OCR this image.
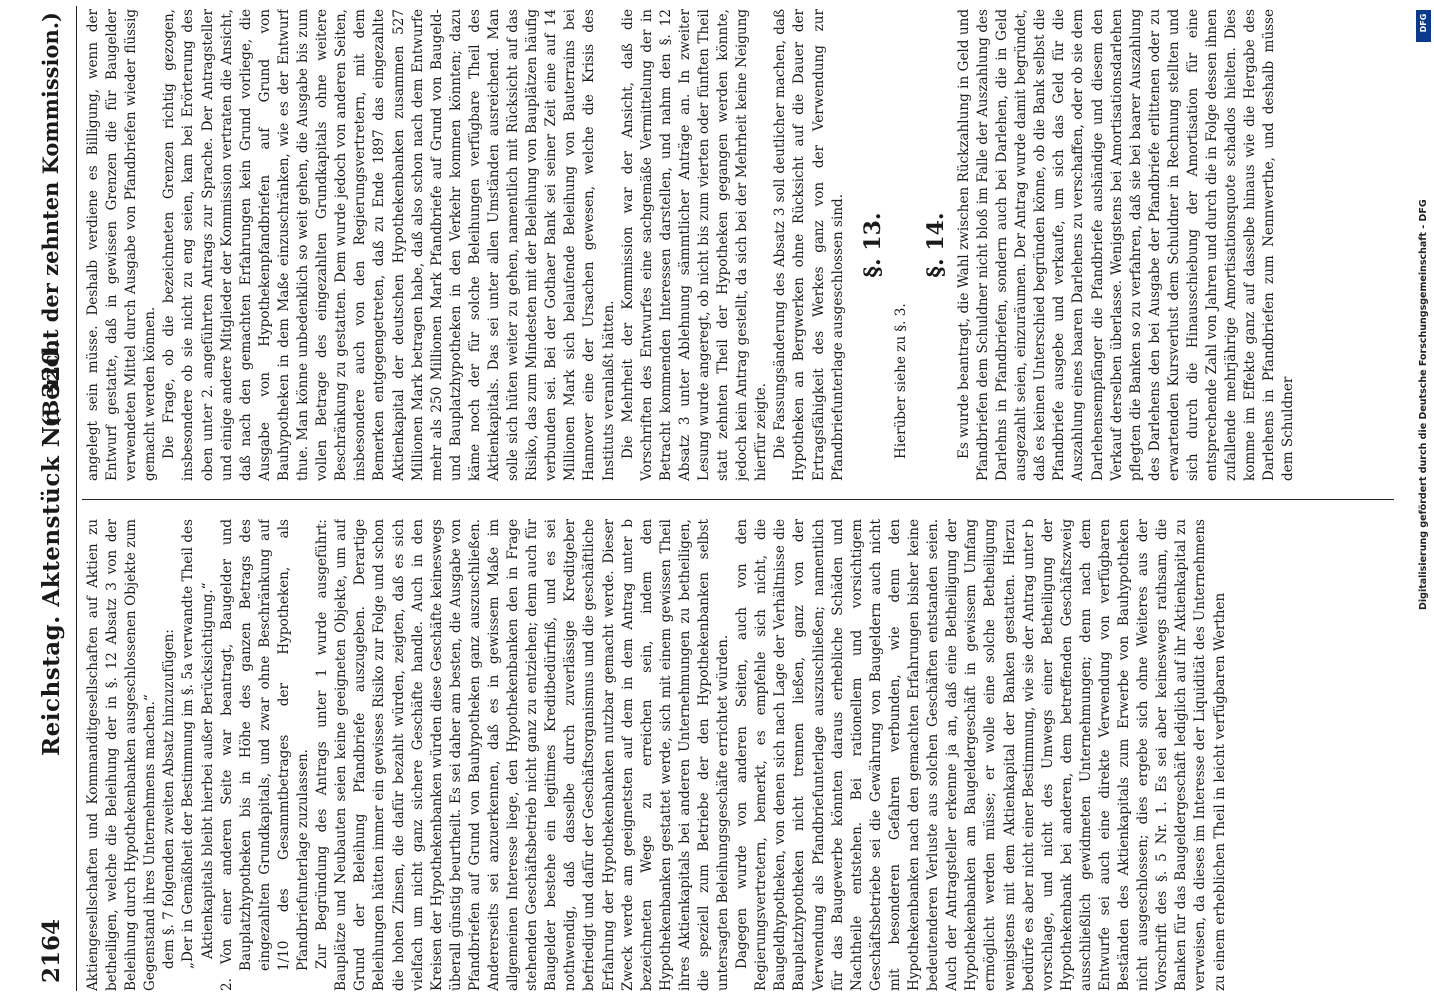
2164
Reichstag. Aktenstück Nr. 320.
(Bericht der zehnten Kommission.)

Aktiengesellschaften und Kommanditgesellschaften auf Aktien zu betheiligen, welche die Beleihung der in §. 12 Absatz 3 von der Beleihung durch Hypothekenbanken ausgeschlossenen Objekte zum Gegenstand ihres Unternehmens machen.“ dem §. 7 folgenden zweiten Absatz hinzuzufügen: „Der in Gemäßheit der Bestimmung im §. 5a verwandte Theil des Aktienkapitals bleibt hierbei außer Berücksichtigung.“ 2. Von einer anderen Seite war beantragt, Baugelder und Bauplatzhypotheken bis in Höhe des ganzen Betrags des eingezahlten Grundkapitals, und zwar ohne Beschränkung auf 1/10 des Gesammtbetrages der Hypotheken, als Pfandbriefunterlage zuzulassen. Zur Begründung des Antrags unter 1 wurde ausgeführt: Bauplätze und Neubauten seien keine geeigneten Objekte, um auf Grund der Beleihung Pfandbriefe auszugeben. Derartige Beleihungen hätten immer ein gewisses Risiko zur Folge und schon die hohen Zinsen, die dafür bezahlt würden, zeigten, daß es sich vielfach um nicht ganz sichere Geschäfte handle. Auch in den Kreisen der Hypothekenbanken würden diese Geschäfte keineswegs überall günstig beurtheilt. Es sei daher am besten, die Ausgabe von Pfandbriefen auf Grund von Bauhypotheken ganz auszuschließen. Andererseits sei anzuerkennen, daß es in gewissem Maße im allgemeinen Interesse liege, den Hypothekenbanken den in Frage stehenden Geschäftsbetrieb nicht ganz zu entziehen; denn auch für Baugelder bestehe ein legitimes Kreditbedürfniß, und es sei nothwendig, daß dasselbe durch zuverlässige Kreditgeber befriedigt und dafür der Geschäftsorganismus und die geschäftliche Erfahrung der Hypothekenbanken nutzbar gemacht werde. Dieser Zweck werde am geeignetsten auf dem in dem Antrag unter b bezeichneten Wege zu erreichen sein, indem den Hypothekenbanken gestattet werde, sich mit einem gewissen Theil ihres Aktienkapitals bei anderen Unternehmungen zu betheiligen, die speziell zum Betriebe der den Hypothekenbanken selbst untersagten Beleihungsgeschäfte errichtet würden. Dagegen wurde von anderen Seiten, auch von den Regierungsvertretern, bemerkt, es empfehle sich nicht, die Baugeldhypotheken, von denen sich nach Lage der Verhältnisse die Bauplatzhypotheken nicht trennen ließen, ganz von der Verwendung als Pfandbriefunterlage auszuschließen; namentlich für das Baugewerbe könnten daraus erhebliche Schäden und Nachtheile entstehen. Bei rationellem und vorsichtigem Geschäftsbetriebe sei die Gewährung von Baugeldern auch nicht mit besonderen Gefahren verbunden, wie denn den Hypothekenbanken nach den gemachten Erfahrungen bisher keine bedeutenderen Verluste aus solchen Geschäften entstanden seien. Auch der Antragsteller erkenne ja an, daß eine Betheiligung der Hypothekenbanken am Baugeldergeschäft in gewissem Umfang ermöglicht werden müsse; er wolle eine solche Betheiligung wenigstens mit dem Aktienkapital der Banken gestatten. Hierzu bedürfe es aber nicht einer Bestimmung, wie sie der Antrag unter b vorschlage, und nicht des Umwegs einer Betheiligung der Hypothekenbank bei anderen, dem betreffenden Geschäftszweig ausschließlich gewidmeten Unternehmungen; denn nach dem Entwurfe sei auch eine direkte Verwendung von verfügbaren Beständen des Aktienkapitals zum Erwerbe von Bauhypotheken nicht ausgeschlossen; dies ergebe sich ohne Weiteres aus der Vorschrift des §. 5 Nr. 1. Es sei aber keineswegs rathsam, die Banken für das Baugeldergeschäft lediglich auf ihr Aktienkapital zu verweisen, da dieses im Interesse der Liquidität des Unternehmens zu einem erheblichen Theil in leicht verfügbaren Werthen

angelegt sein müsse. Deshalb verdiene es Billigung, wenn der Entwurf gestatte, daß in gewissen Grenzen die für Baugelder verwendeten Mittel durch Ausgabe von Pfandbriefen wieder flüssig gemacht werden können. Die Frage, ob die bezeichneten Grenzen richtig gezogen, insbesondere ob sie nicht zu eng seien, kam bei Erörterung des oben unter 2. angeführten Antrags zur Sprache. Der Antragsteller und einige andere Mitglieder der Kommission vertraten die Ansicht, daß nach den gemachten Erfahrungen kein Grund vorliege, die Ausgabe von Hypothekenpfandbriefen auf Grund von Bauhypotheken in dem Maße einzuschränken, wie es der Entwurf thue. Man könne unbedenklich so weit gehen, die Ausgabe bis zum vollen Betrage des eingezahlten Grundkapitals ohne weitere Beschränkung zu gestatten. Dem wurde jedoch von anderen Seiten, insbesondere auch von den Regierungsvertretern, mit dem Bemerken entgegengetreten, daß zu Ende 1897 das eingezahlte Aktienkapital der deutschen Hypothekenbanken zusammen 527 Millionen Mark betragen habe, daß also schon nach dem Entwurfe mehr als 250 Millionen Mark Pfandbriefe auf Grund von Baugeld- und Bauplatzhypotheken in den Verkehr kommen könnten; dazu käme noch der für solche Beleihungen verfügbare Theil des Aktienkapitals. Das sei unter allen Umständen ausreichend. Man solle sich hüten weiter zu gehen, namentlich mit Rücksicht auf das Risiko, das zum Mindesten mit der Beleihung von Bauplätzen häufig verbunden sei. Bei der Gothaer Bank sei seiner Zeit eine auf 14 Millionen Mark sich belaufende Beleihung von Bauterrains bei Hannover eine der Ursachen gewesen, welche die Krisis des Instituts veranlaßt hätten. Die Mehrheit der Kommission war der Ansicht, daß die Vorschriften des Entwurfes eine sachgemäße Vermittelung der in Betracht kommenden Interessen darstellen, und nahm den §. 12 Absatz 3 unter Ablehnung sämmtlicher Anträge an. In zweiter Lesung wurde angeregt, ob nicht bis zum vierten oder fünften Theil statt zehnten Theil der Hypotheken gegangen werden könnte, jedoch kein Antrag gestellt, da sich bei der Mehrheit keine Neigung hierfür zeigte. Die Fassungsänderung des Absatz 3 soll deutlicher machen, daß Hypotheken an Bergwerken ohne Rücksicht auf die Dauer der Ertragsfähigkeit des Werkes ganz von der Verwendung zur Pfandbriefunterlage ausgeschlossen sind. §. 13.

Hierüber siehe zu §. 3.

§. 14. Es wurde beantragt, die Wahl zwischen Rückzahlung in Geld und Pfandbriefen dem Schuldner nicht bloß im Falle der Auszahlung des Darlehns in Pfandbriefen, sondern auch bei Darlehen, die in Geld ausgezahlt seien, einzuräumen. Der Antrag wurde damit begründet, daß es keinen Unterschied begründen könne, ob die Bank selbst die Pfandbriefe ausgebe und verkaufe, um sich das Geld für die Auszahlung eines baaren Darlehens zu verschaffen, oder ob sie dem Darlehensempfänger die Pfandbriefe aushändige und diesem den Verkauf derselben überlasse. Wenigstens bei Amortisationsdarlehen pflegten die Banken so zu verfahren, daß sie bei baarer Auszahlung des Darlehens den bei Ausgabe der Pfandbriefe erlittenen oder zu erwartenden Kursverlust dem Schuldner in Rechnung stellten und sich durch die Hinausschiebung der Amortisation für eine entsprechende Zahl von Jahren und durch die in Folge dessen ihnen zufallende mehrjährige Amortisationsquote schadlos hielten. Dies komme im Effekte ganz auf dasselbe hinaus wie die Hergabe des Darlehens in Pfandbriefen zum Nennwerthe, und deshalb müsse dem Schuldner

DFG
Digitalisierung gefördert durch die Deutsche Forschungsgemeinschaft - DFG
